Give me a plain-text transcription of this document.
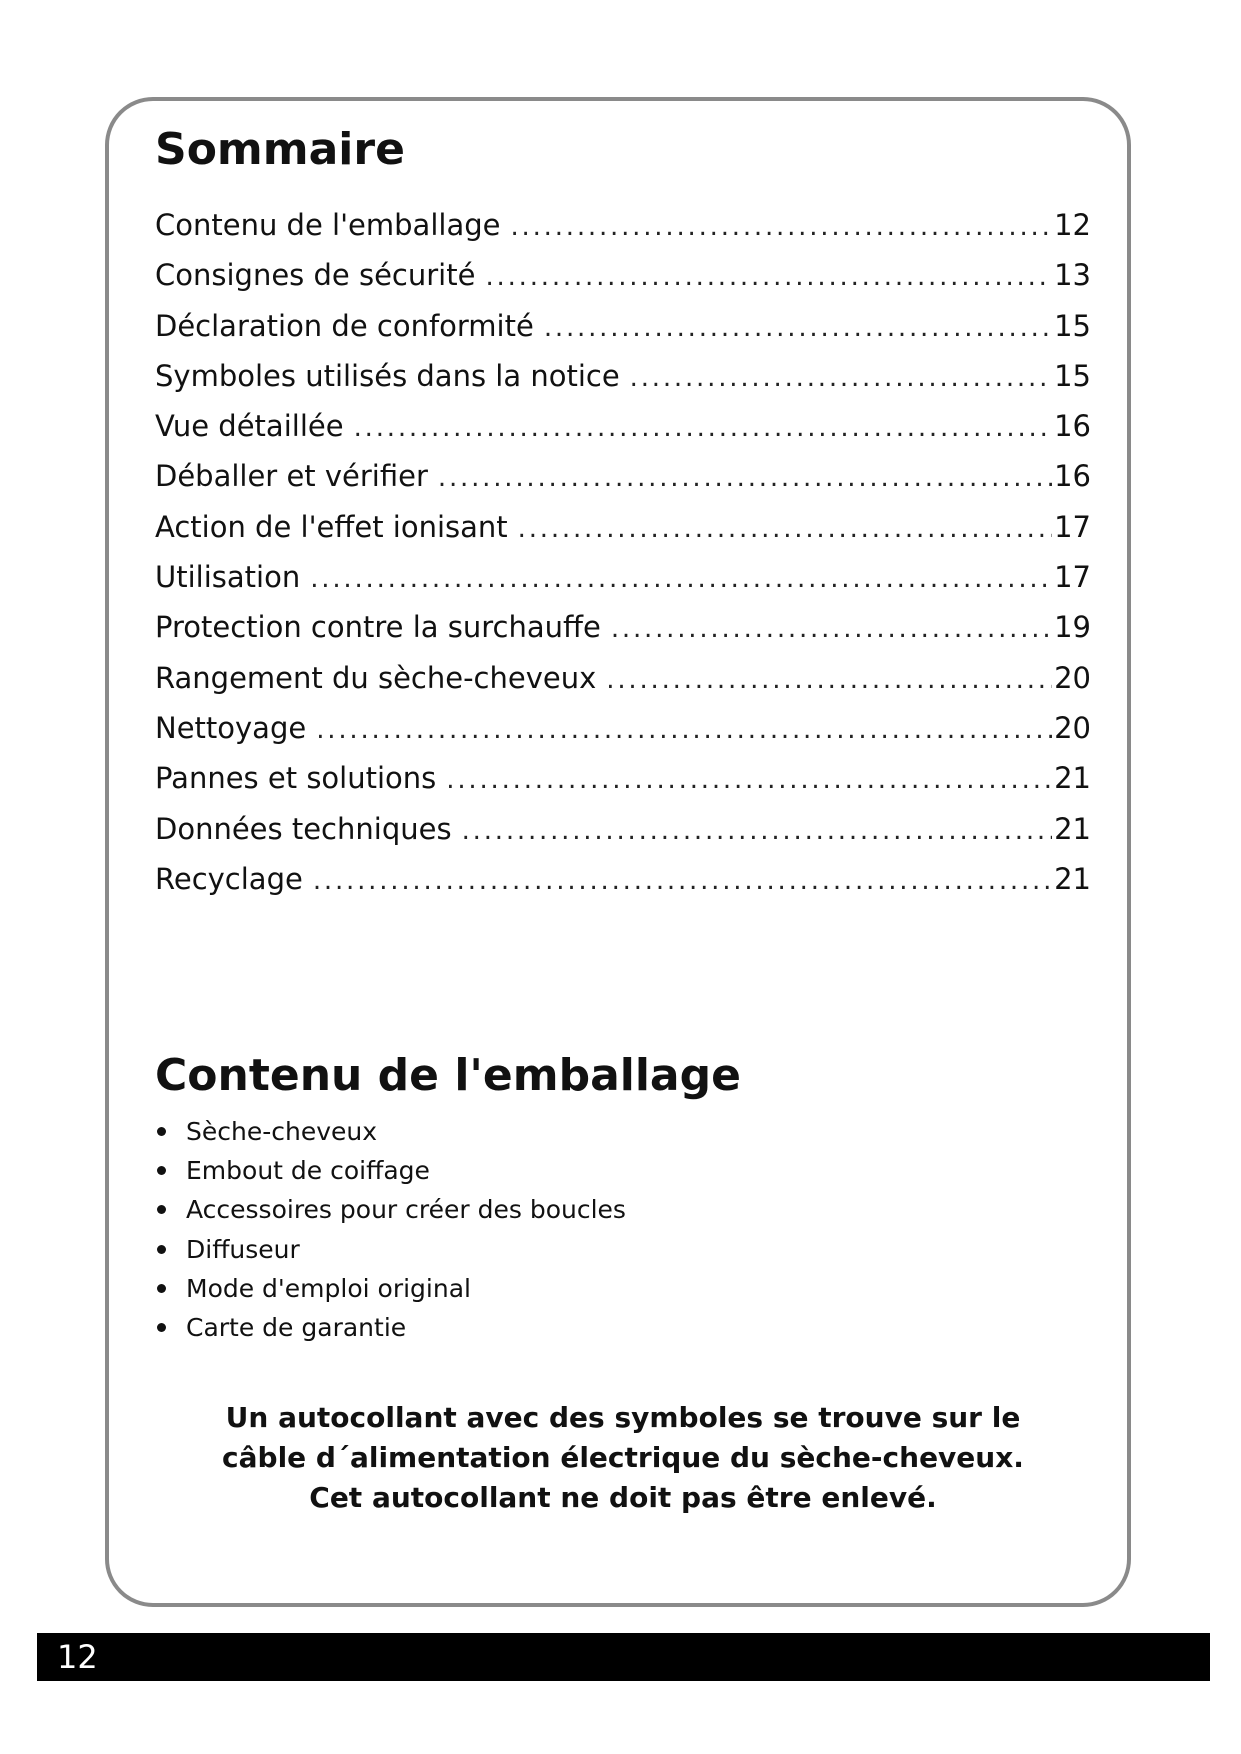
Sommaire
Contenu de l'emballage .....	12
Consignes de sécurité .....	13
Déclaration de conformité .....	15
Symboles utilisés dans la notice .....	15
Vue détaillée .....	16
Déballer et vérifier .....	16
Action de l'effet ionisant .....	17
Utilisation .....	17
Protection contre la surchauffe .....	19
Rangement du sèche-cheveux .....	20
Nettoyage .....	20
Pannes et solutions .....	21
Données techniques .....	21
Recyclage .....	21
Contenu de l'emballage
Sèche-cheveux
Embout de coiffage
Accessoires pour créer des boucles
Diffuseur
Mode d'emploi original
Carte de garantie

Un autocollant avec des symboles se trouve sur le

câble d´alimentation électrique du sèche-cheveux.

Cet autocollant ne doit pas être enlevé.

12
